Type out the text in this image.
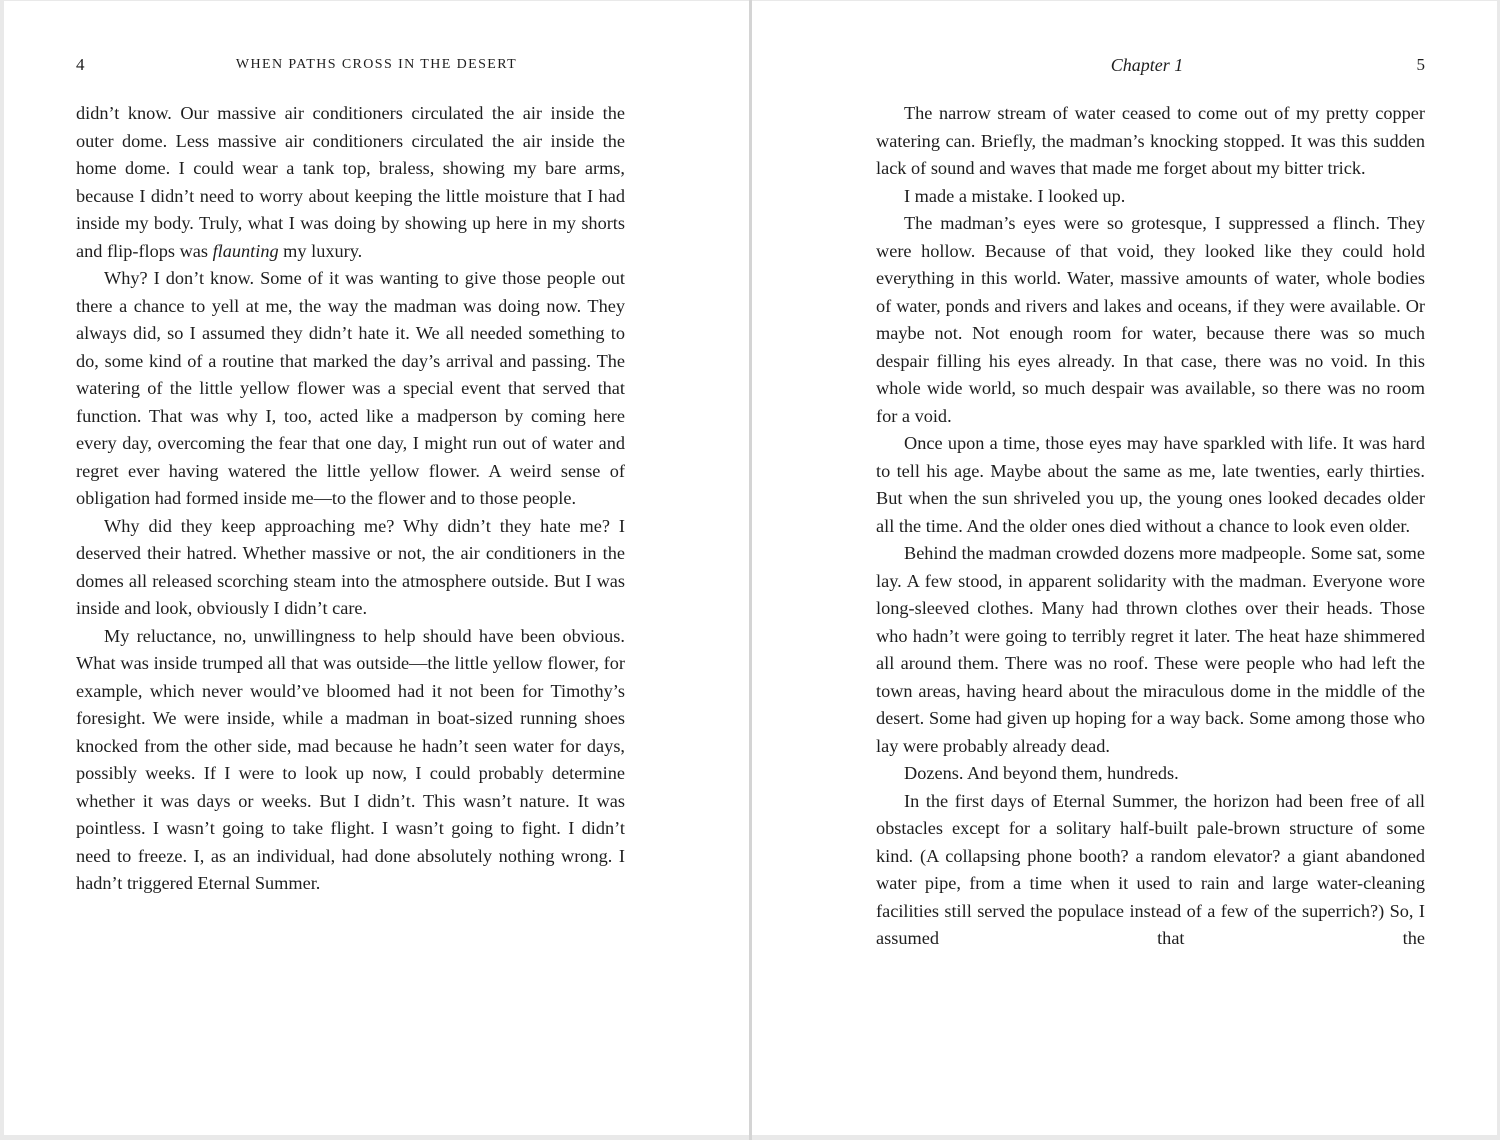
4	WHEN PATHS CROSS IN THE DESERT

didn’t know. Our massive air conditioners circulated the air inside the outer dome. Less massive air conditioners circulated the air inside the home dome. I could wear a tank top, braless, showing my bare arms, because I didn’t need to worry about keeping the little moisture that I had inside my body. Truly, what I was doing by showing up here in my shorts and flip-flops was flaunting my luxury.

Why? I don’t know. Some of it was wanting to give those people out there a chance to yell at me, the way the madman was doing now. They always did, so I assumed they didn’t hate it. We all needed something to do, some kind of a routine that marked the day’s arrival and passing. The watering of the little yellow flower was a special event that served that function. That was why I, too, acted like a madperson by coming here every day, overcoming the fear that one day, I might run out of water and regret ever having watered the little yellow flower. A weird sense of obligation had formed inside me—to the flower and to those people.

Why did they keep approaching me? Why didn’t they hate me? I deserved their hatred. Whether massive or not, the air conditioners in the domes all released scorching steam into the atmosphere outside. But I was inside and look, obviously I didn’t care.

My reluctance, no, unwillingness to help should have been obvious. What was inside trumped all that was outside—the little yellow flower, for example, which never would’ve bloomed had it not been for Timothy’s foresight. We were inside, while a madman in boat-sized running shoes knocked from the other side, mad because he hadn’t seen water for days, possibly weeks. If I were to look up now, I could probably determine whether it was days or weeks. But I didn’t. This wasn’t nature. It was pointless. I wasn’t going to take flight. I wasn’t going to fight. I didn’t need to freeze. I, as an individual, had done absolutely nothing wrong. I hadn’t triggered Eternal Summer.

Chapter 1	5

The narrow stream of water ceased to come out of my pretty copper watering can. Briefly, the madman’s knocking stopped. It was this sudden lack of sound and waves that made me forget about my bitter trick.

I made a mistake. I looked up.

The madman’s eyes were so grotesque, I suppressed a flinch. They were hollow. Because of that void, they looked like they could hold everything in this world. Water, massive amounts of water, whole bodies of water, ponds and rivers and lakes and oceans, if they were available. Or maybe not. Not enough room for water, because there was so much despair filling his eyes already. In that case, there was no void. In this whole wide world, so much despair was available, so there was no room for a void.

Once upon a time, those eyes may have sparkled with life. It was hard to tell his age. Maybe about the same as me, late twenties, early thirties. But when the sun shriveled you up, the young ones looked decades older all the time. And the older ones died without a chance to look even older.

Behind the madman crowded dozens more madpeople. Some sat, some lay. A few stood, in apparent solidarity with the madman. Everyone wore long-sleeved clothes. Many had thrown clothes over their heads. Those who hadn’t were going to terribly regret it later. The heat haze shimmered all around them. There was no roof. These were people who had left the town areas, having heard about the miraculous dome in the middle of the desert. Some had given up hoping for a way back. Some among those who lay were probably already dead.

Dozens. And beyond them, hundreds.

In the first days of Eternal Summer, the horizon had been free of all obstacles except for a solitary half-built pale-brown structure of some kind. (A collapsing phone booth? a random elevator? a giant abandoned water pipe, from a time when it used to rain and large water-cleaning facilities still served the populace instead of a few of the superrich?) So, I assumed that the
